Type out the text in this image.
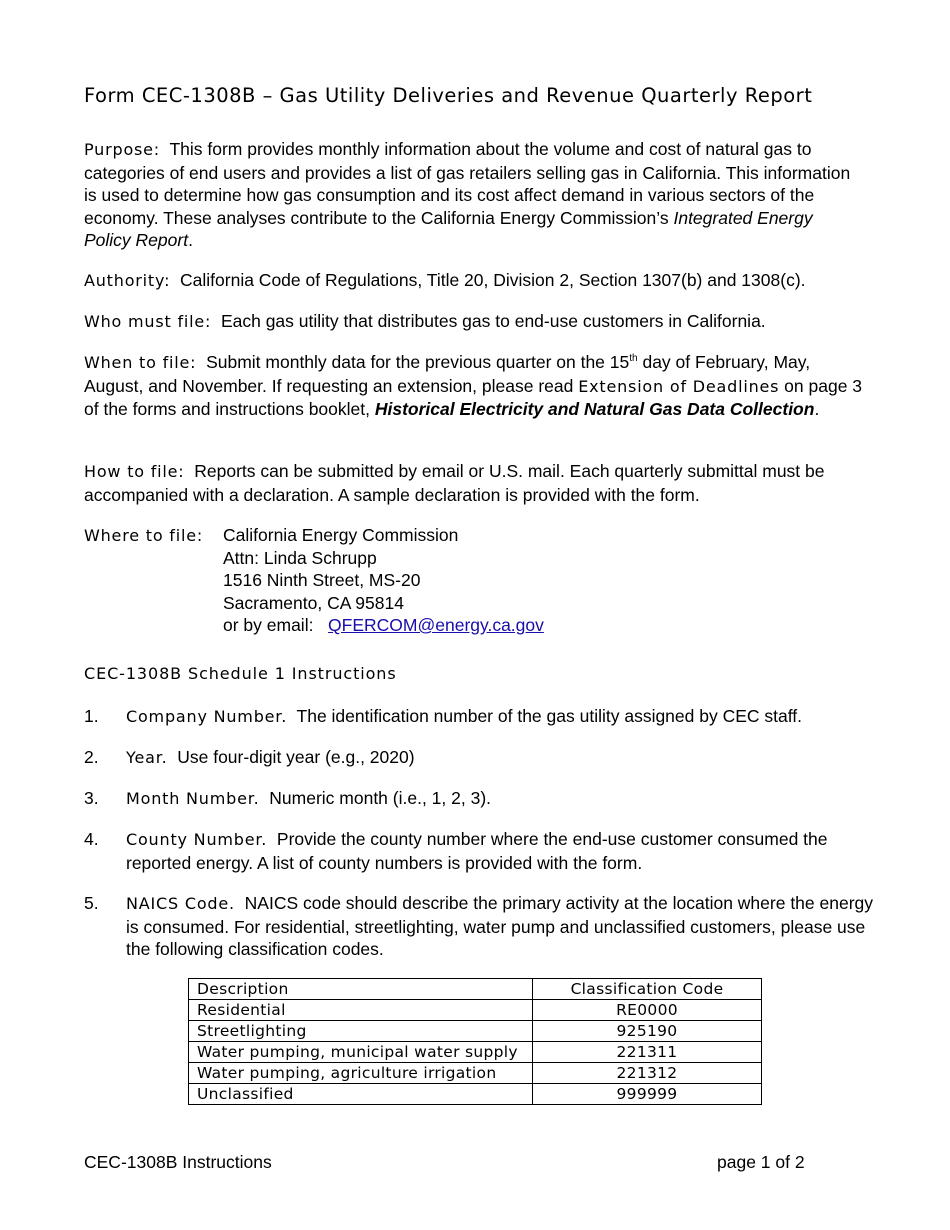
Form CEC-1308B – Gas Utility Deliveries and Revenue Quarterly Report
Purpose: This form provides monthly information about the volume and cost of natural gas to categories of end users and provides a list of gas retailers selling gas in California. This information is used to determine how gas consumption and its cost affect demand in various sectors of the economy. These analyses contribute to the California Energy Commission’s Integrated Energy Policy Report.
Authority: California Code of Regulations, Title 20, Division 2, Section 1307(b) and 1308(c).
Who must file: Each gas utility that distributes gas to end-use customers in California.
When to file: Submit monthly data for the previous quarter on the 15th day of February, May, August, and November. If requesting an extension, please read Extension of Deadlines on page 3 of the forms and instructions booklet, Historical Electricity and Natural Gas Data Collection.
How to file: Reports can be submitted by email or U.S. mail. Each quarterly submittal must be accompanied with a declaration. A sample declaration is provided with the form.
Where to file: California Energy Commission
Attn: Linda Schrupp
1516 Ninth Street, MS-20
Sacramento, CA 95814
or by email: QFERCOM@energy.ca.gov
CEC-1308B Schedule 1 Instructions
1. Company Number. The identification number of the gas utility assigned by CEC staff.
2. Year. Use four-digit year (e.g., 2020)
3. Month Number. Numeric month (i.e., 1, 2, 3).
4. County Number. Provide the county number where the end-use customer consumed the reported energy. A list of county numbers is provided with the form.
5. NAICS Code. NAICS code should describe the primary activity at the location where the energy is consumed. For residential, streetlighting, water pump and unclassified customers, please use the following classification codes.
Description	Classification Code
Residential	RE0000
Streetlighting	925190
Water pumping, municipal water supply	221311
Water pumping, agriculture irrigation	221312
Unclassified	999999
CEC-1308B Instructions	page 1 of 2
